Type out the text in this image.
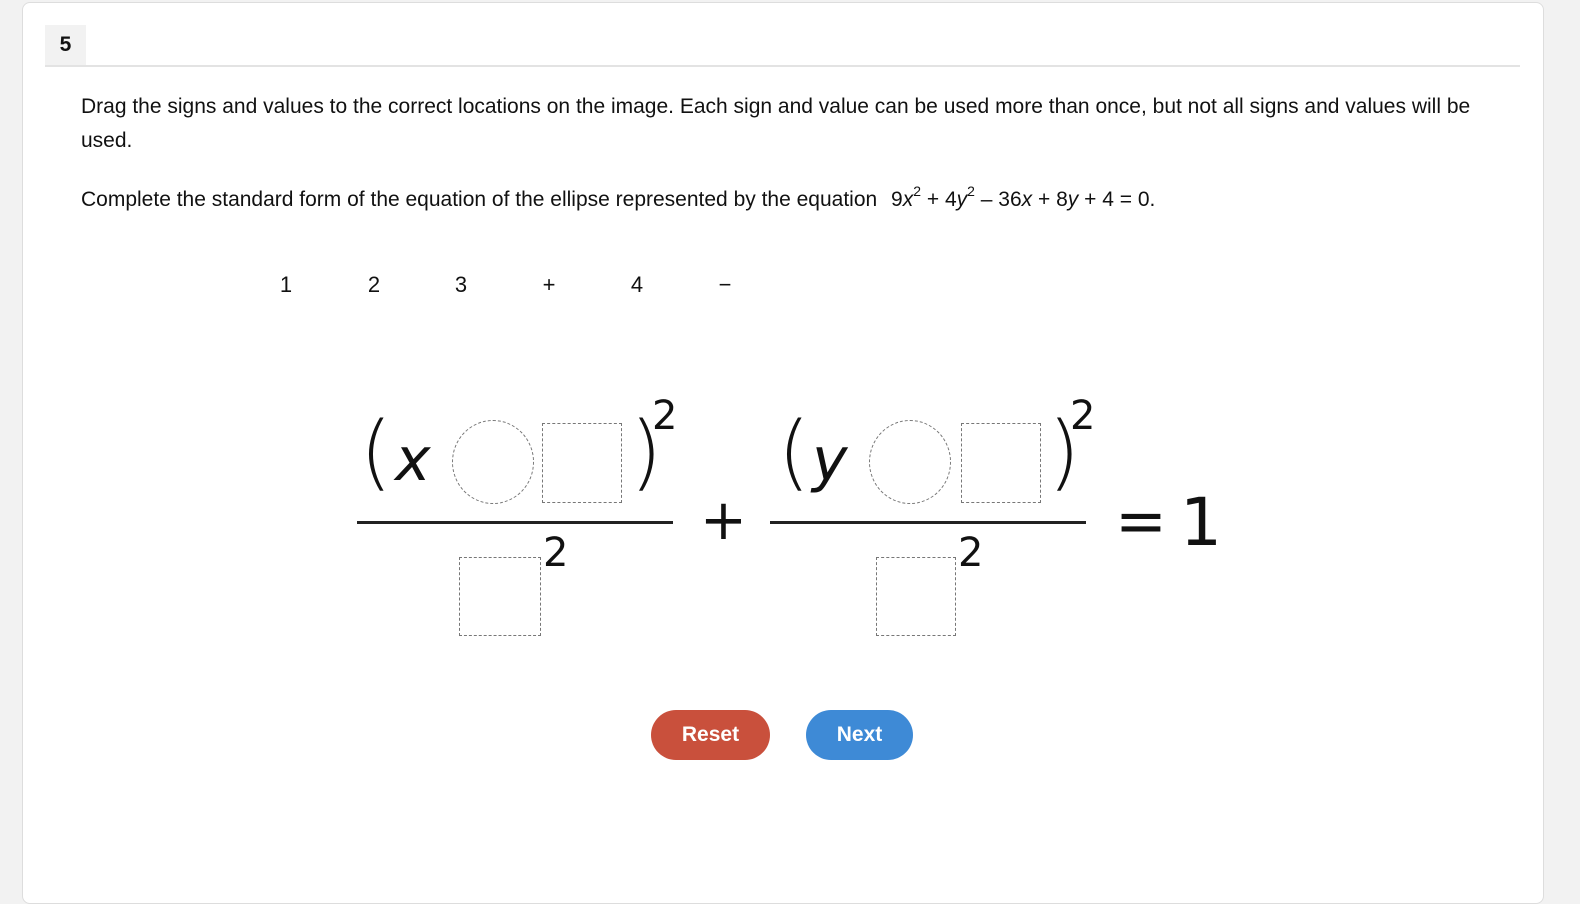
5
Drag the signs and values to the correct locations on the image. Each sign and value can be used more than once, but not all signs and values will be used.
Complete the standard form of the equation of the ellipse represented by the equation $9x^2 + 4y^2 - 36x + 8y + 4 = 0$.
1	2	3	+	4	−
( x )
2
2 +
( y )
2
2 = 1
Reset	Next
